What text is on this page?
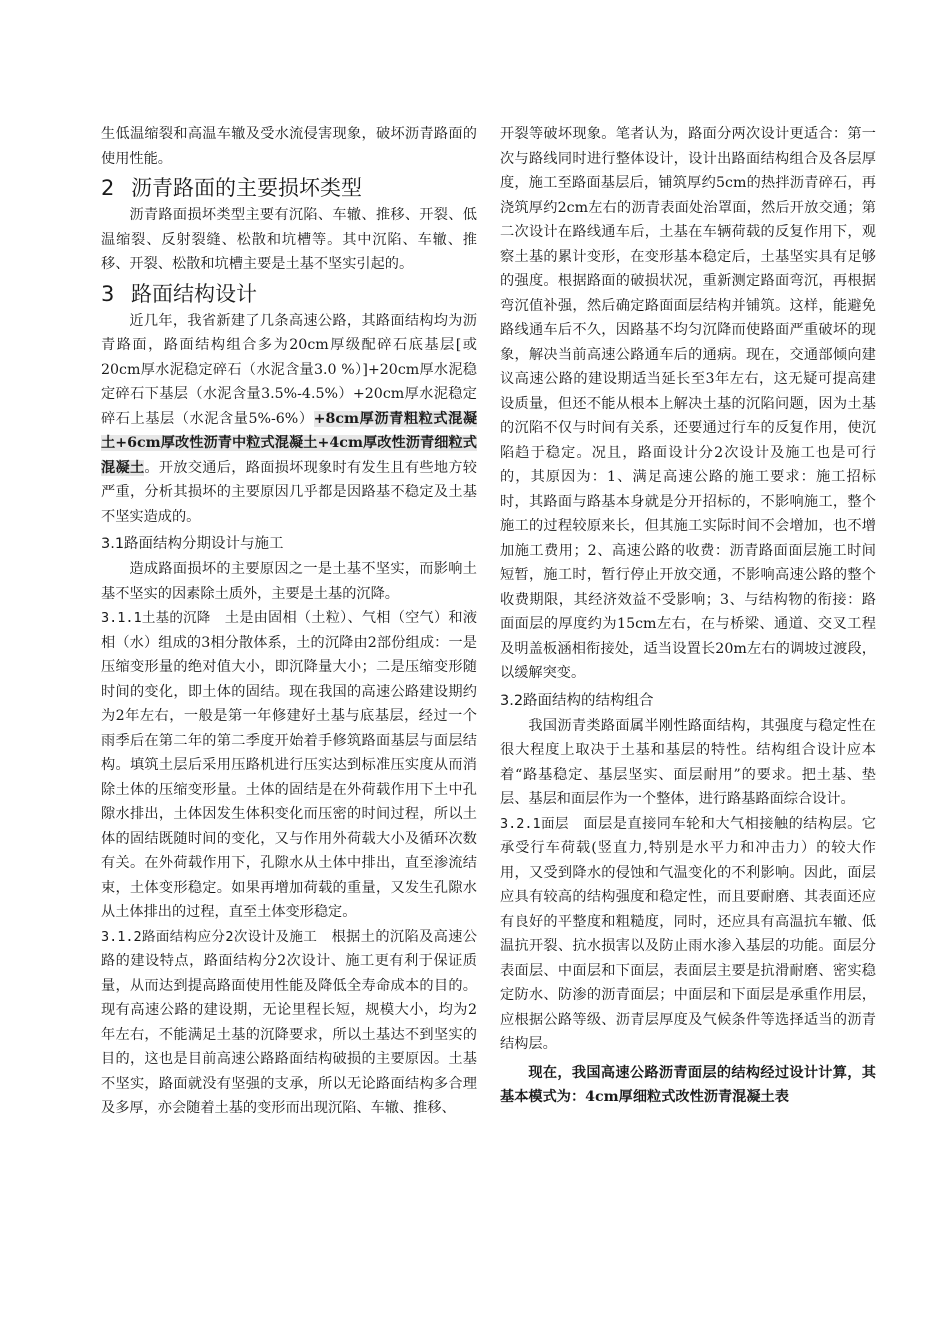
生低温缩裂和高温车辙及受水流侵害现象，破坏沥青路面的使用性能。

2 沥青路面的主要损坏类型

沥青路面损坏类型主要有沉陷、车辙、推移、开裂、低温缩裂、反射裂缝、松散和坑槽等。其中沉陷、车辙、推移、开裂、松散和坑槽主要是土基不坚实引起的。

3 路面结构设计

近几年，我省新建了几条高速公路，其路面结构均为沥青路面，路面结构组合多为20cm厚级配碎石底基层[或20cm厚水泥稳定碎石（水泥含量3.0 %）]+20cm厚水泥稳定碎石下基层（水泥含量3.5%-4.5%）+20cm厚水泥稳定碎石上基层（水泥含量5%-6%）+8cm厚沥青粗粒式混凝土+6cm厚改性沥青中粒式混凝土+4cm厚改性沥青细粒式混凝土。开放交通后，路面损坏现象时有发生且有些地方较严重，分析其损坏的主要原因几乎都是因路基不稳定及土基不坚实造成的。

3.1路面结构分期设计与施工

造成路面损坏的主要原因之一是土基不坚实，而影响土基不坚实的因素除土质外，主要是土基的沉降。

3.1.1土基的沉降 土是由固相（土粒）、气相（空气）和液相（水）组成的3相分散体系，土的沉降由2部份组成：一是压缩变形量的绝对值大小，即沉降量大小；二是压缩变形随时间的变化，即土体的固结。现在我国的高速公路建设期约为2年左右，一般是第一年修建好土基与底基层，经过一个雨季后在第二年的第二季度开始着手修筑路面基层与面层结构。填筑土层后采用压路机进行压实达到标准压实度从而消除土体的压缩变形量。土体的固结是在外荷载作用下土中孔隙水排出，土体因发生体积变化而压密的时间过程，所以土体的固结既随时间的变化，又与作用外荷载大小及循环次数有关。在外荷载作用下，孔隙水从土体中排出，直至渗流结束，土体变形稳定。如果再增加荷载的重量，又发生孔隙水从土体排出的过程，直至土体变形稳定。

3.1.2路面结构应分2次设计及施工 根据土的沉陷及高速公路的建设特点，路面结构分2次设计、施工更有利于保证质量，从而达到提高路面使用性能及降低全寿命成本的目的。现有高速公路的建设期，无论里程长短，规模大小，均为2年左右，不能满足土基的沉降要求，所以土基达不到坚实的目的，这也是目前高速公路路面结构破损的主要原因。土基不坚实，路面就没有坚强的支承，所以无论路面结构多合理及多厚，亦会随着土基的变形而出现沉陷、车辙、推移、

开裂等破坏现象。笔者认为，路面分两次设计更适合：第一次与路线同时进行整体设计，设计出路面结构组合及各层厚度，施工至路面基层后，铺筑厚约5cm的热拌沥青碎石，再浇筑厚约2cm左右的沥青表面处治罩面，然后开放交通；第二次设计在路线通车后，土基在车辆荷载的反复作用下，观察土基的累计变形，在变形基本稳定后，土基坚实具有足够的强度。根据路面的破损状况，重新测定路面弯沉，再根据弯沉值补强，然后确定路面面层结构并铺筑。这样，能避免路线通车后不久，因路基不均匀沉降而使路面严重破坏的现象，解决当前高速公路通车后的通病。现在，交通部倾向建议高速公路的建设期适当延长至3年左右，这无疑可提高建设质量，但还不能从根本上解决土基的沉陷问题，因为土基的沉陷不仅与时间有关系，还要通过行车的反复作用，使沉陷趋于稳定。况且，路面设计分2次设计及施工也是可行的，其原因为：1、满足高速公路的施工要求：施工招标时，其路面与路基本身就是分开招标的，不影响施工，整个施工的过程较原来长，但其施工实际时间不会增加，也不增加施工费用；2、高速公路的收费：沥青路面面层施工时间短暂，施工时，暂行停止开放交通，不影响高速公路的整个收费期限，其经济效益不受影响；3、与结构物的衔接：路面面层的厚度约为15cm左右，在与桥梁、通道、交叉工程及明盖板涵相衔接处，适当设置长20m左右的调坡过渡段，以缓解突变。

3.2路面结构的结构组合

我国沥青类路面属半刚性路面结构，其强度与稳定性在很大程度上取决于土基和基层的特性。结构组合设计应本着“路基稳定、基层坚实、面层耐用”的要求。把土基、垫层、基层和面层作为一个整体，进行路基路面综合设计。

3.2.1面层 面层是直接同车轮和大气相接触的结构层。它承受行车荷载(竖直力,特别是水平力和冲击力）的较大作用，又受到降水的侵蚀和气温变化的不利影响。因此，面层应具有较高的结构强度和稳定性，而且要耐磨、其表面还应有良好的平整度和粗糙度，同时，还应具有高温抗车辙、低温抗开裂、抗水损害以及防止雨水渗入基层的功能。面层分表面层、中面层和下面层，表面层主要是抗滑耐磨、密实稳定防水、防渗的沥青面层；中面层和下面层是承重作用层，应根据公路等级、沥青层厚度及气候条件等选择适当的沥青结构层。

现在，我国高速公路沥青面层的结构经过设计计算，其基本模式为：4cm厚细粒式改性沥青混凝土表
